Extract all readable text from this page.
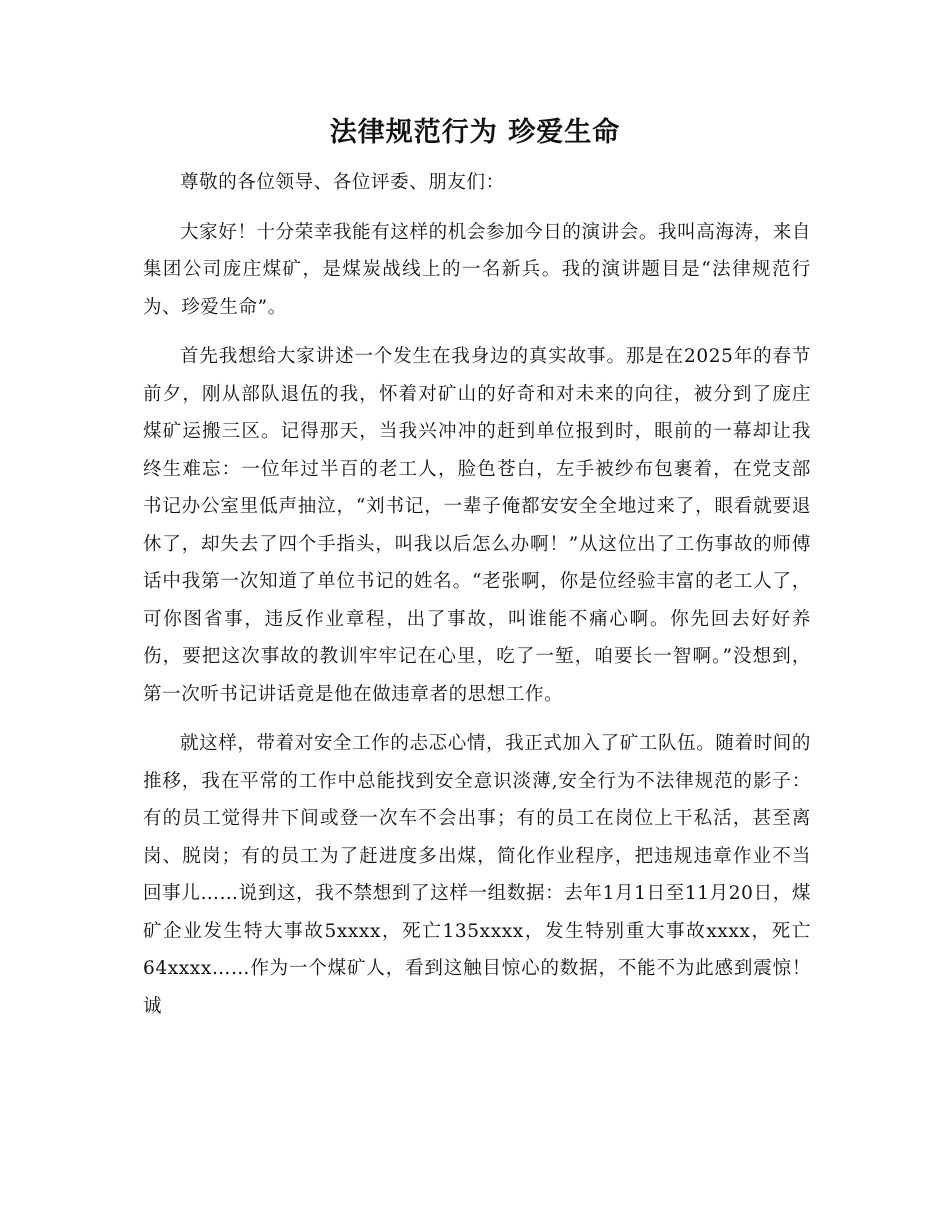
法律规范行为 珍爱生命

尊敬的各位领导、各位评委、朋友们：

大家好！十分荣幸我能有这样的机会参加今日的演讲会。我叫高海涛，来自集团公司庞庄煤矿，是煤炭战线上的一名新兵。我的演讲题目是“法律规范行为、珍爱生命”。

首先我想给大家讲述一个发生在我身边的真实故事。那是在2025年的春节前夕，刚从部队退伍的我，怀着对矿山的好奇和对未来的向往，被分到了庞庄煤矿运搬三区。记得那天，当我兴冲冲的赶到单位报到时，眼前的一幕却让我终生难忘：一位年过半百的老工人，脸色苍白，左手被纱布包裹着，在党支部书记办公室里低声抽泣，“刘书记，一辈子俺都安安全全地过来了，眼看就要退休了，却失去了四个手指头，叫我以后怎么办啊！”从这位出了工伤事故的师傅话中我第一次知道了单位书记的姓名。“老张啊，你是位经验丰富的老工人了，可你图省事，违反作业章程，出了事故，叫谁能不痛心啊。你先回去好好养伤，要把这次事故的教训牢牢记在心里，吃了一堑，咱要长一智啊。”没想到，第一次听书记讲话竟是他在做违章者的思想工作。

就这样，带着对安全工作的忐忑心情，我正式加入了矿工队伍。随着时间的推移，我在平常的工作中总能找到安全意识淡薄,安全行为不法律规范的影子：有的员工觉得井下间或登一次车不会出事；有的员工在岗位上干私活，甚至离岗、脱岗；有的员工为了赶进度多出煤，简化作业程序，把违规违章作业不当回事儿……说到这，我不禁想到了这样一组数据：去年1月1日至11月20日，煤矿企业发生特大事故5xxxx，死亡135xxxx，发生特别重大事故xxxx，死亡64xxxx……作为一个煤矿人，看到这触目惊心的数据，不能不为此感到震惊！诚
